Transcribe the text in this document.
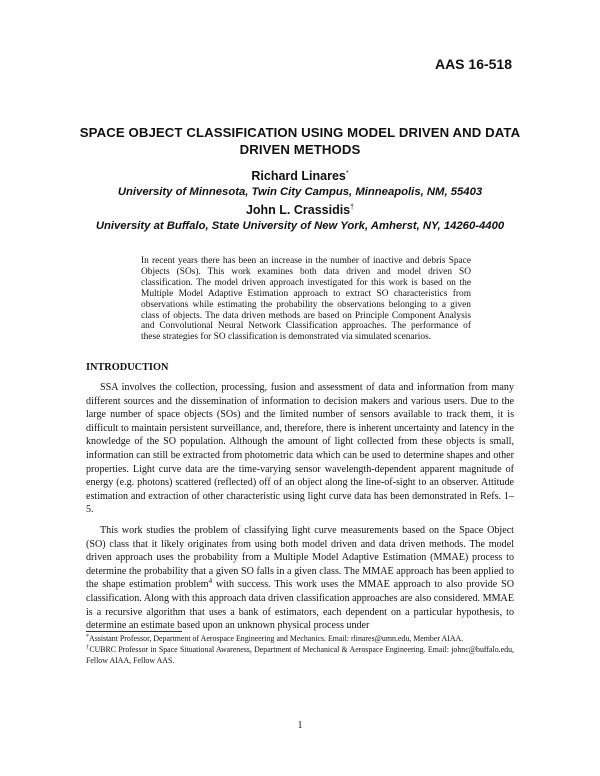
AAS 16-518
SPACE OBJECT CLASSIFICATION USING MODEL DRIVEN AND DATA DRIVEN METHODS
Richard Linares*
University of Minnesota, Twin City Campus, Minneapolis, NM, 55403
John L. Crassidis†
University at Buffalo, State University of New York, Amherst, NY, 14260-4400
In recent years there has been an increase in the number of inactive and debris Space Objects (SOs). This work examines both data driven and model driven SO classification. The model driven approach investigated for this work is based on the Multiple Model Adaptive Estimation approach to extract SO characteristics from observations while estimating the probability the observations belonging to a given class of objects. The data driven methods are based on Principle Component Analysis and Convolutional Neural Network Classification approaches. The performance of these strategies for SO classification is demonstrated via simulated scenarios.
INTRODUCTION
SSA involves the collection, processing, fusion and assessment of data and information from many different sources and the dissemination of information to decision makers and various users. Due to the large number of space objects (SOs) and the limited number of sensors available to track them, it is difficult to maintain persistent surveillance, and, therefore, there is inherent uncertainty and latency in the knowledge of the SO population. Although the amount of light collected from these objects is small, information can still be extracted from photometric data which can be used to determine shapes and other properties. Light curve data are the time-varying sensor wavelength-dependent apparent magnitude of energy (e.g. photons) scattered (reflected) off of an object along the line-of-sight to an observer. Attitude estimation and extraction of other characteristic using light curve data has been demonstrated in Refs. 1–5.
This work studies the problem of classifying light curve measurements based on the Space Object (SO) class that it likely originates from using both model driven and data driven methods. The model driven approach uses the probability from a Multiple Model Adaptive Estimation (MMAE) process to determine the probability that a given SO falls in a given class. The MMAE approach has been applied to the shape estimation problem$^4$ with success. This work uses the MMAE approach to also provide SO classification. Along with this approach data driven classification approaches are also considered. MMAE is a recursive algorithm that uses a bank of estimators, each dependent on a particular hypothesis, to determine an estimate based upon an unknown physical process under
*Assistant Professor, Department of Aerospace Engineering and Mechanics. Email: rlinares@umn.edu, Member AIAA.
†CUBRC Professor in Space Situational Awareness, Department of Mechanical & Aerospace Engineering. Email: johnc@buffalo.edu, Fellow AIAA, Fellow AAS.
1
